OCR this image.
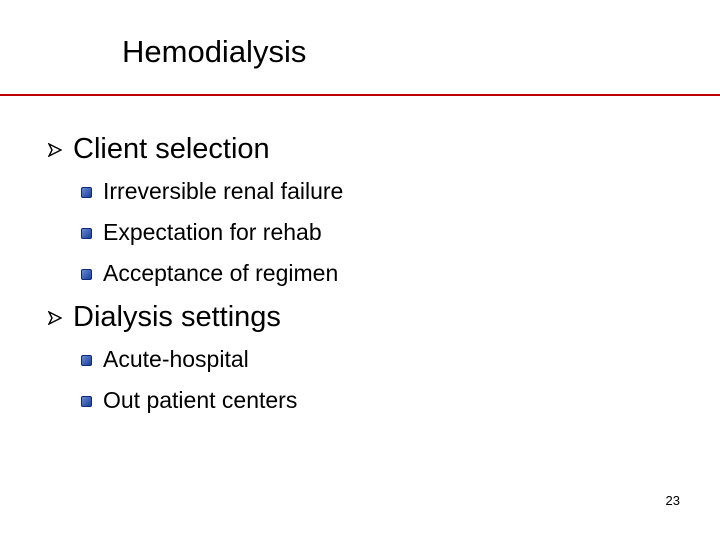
Hemodialysis
Client selection
Irreversible renal failure
Expectation for rehab
Acceptance of regimen
Dialysis settings
Acute-hospital
Out patient centers
23
